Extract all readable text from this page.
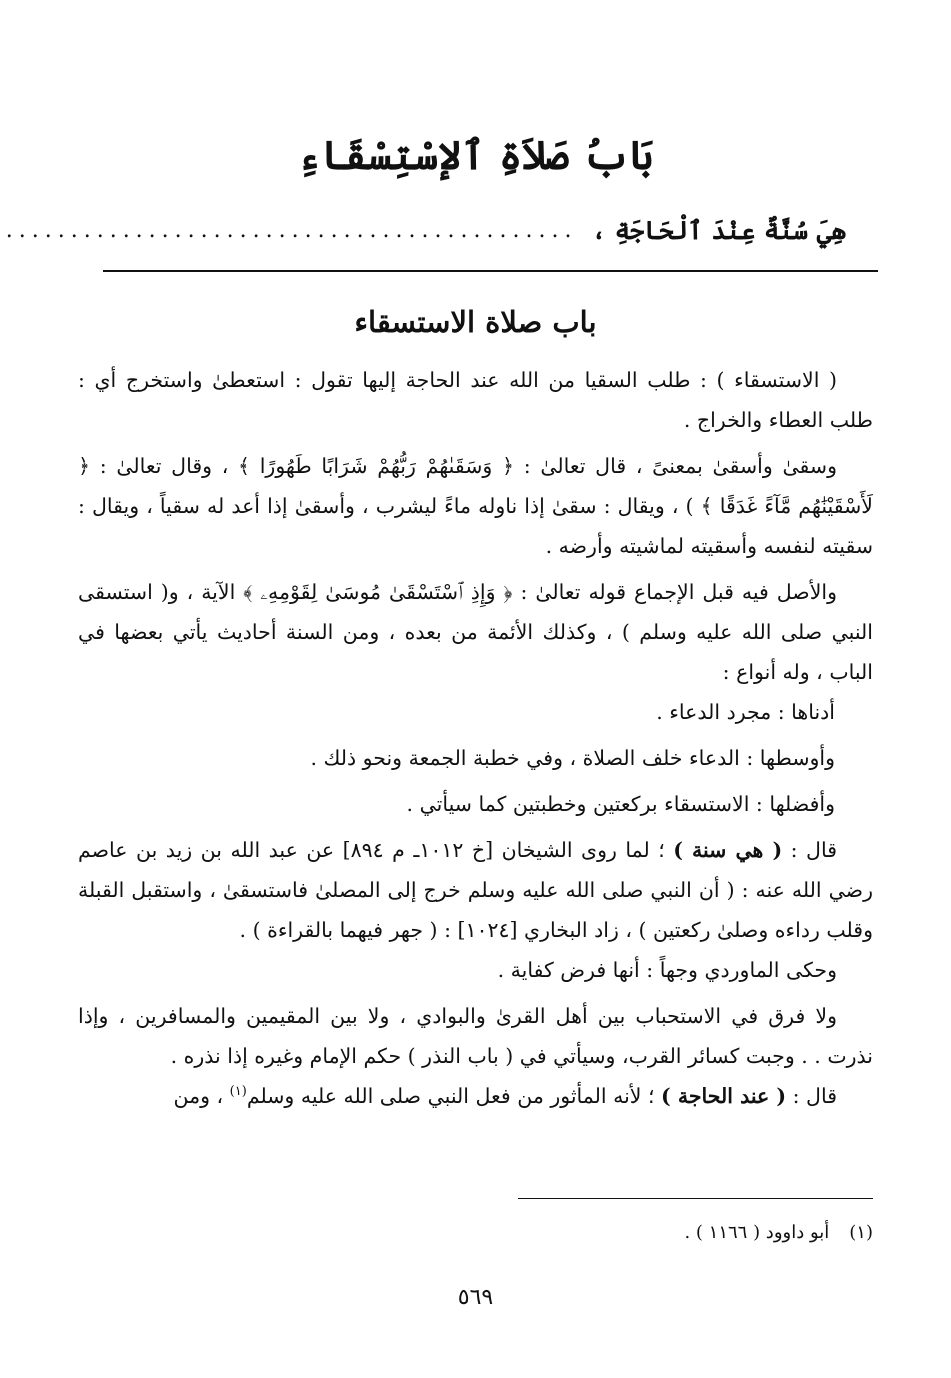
بَابُ صَلاَةِ ٱلإسْتِسْقَاءِ
هِيَ سُنَّةٌ عِنْدَ ٱلْحَاجَةِ ،
............................................
باب صلاة الاستسقاء

( الاستسقاء ) : طلب السقيا من الله عند الحاجة إليها تقول : استعطىٰ واستخرج أي : طلب العطاء والخراج .

وسقىٰ وأسقىٰ بمعنىً ، قال تعالىٰ : ﴿ وَسَقَىٰهُمْ رَبُّهُمْ شَرَابًا طَهُورًا ﴾ ، وقال تعالىٰ : ﴿ لَأَسْقَيْنَٰهُم مَّآءً غَدَقًا ﴾ ) ، ويقال : سقىٰ إذا ناوله ماءً ليشرب ، وأسقىٰ إذا أعد له سقياً ، ويقال : سقيته لنفسه وأسقيته لماشيته وأرضه .

والأصل فيه قبل الإجماع قوله تعالىٰ : ﴿ وَإِذِ ٱسْتَسْقَىٰ مُوسَىٰ لِقَوْمِهِۦ ﴾ الآية ، و( استسقى النبي صلى الله عليه وسلم ) ، وكذلك الأئمة من بعده ، ومن السنة أحاديث يأتي بعضها في الباب ، وله أنواع :

أدناها : مجرد الدعاء .

وأوسطها : الدعاء خلف الصلاة ، وفي خطبة الجمعة ونحو ذلك .

وأفضلها : الاستسقاء بركعتين وخطبتين كما سيأتي .

قال : ( هي سنة ) ؛ لما روى الشيخان [خ ١٠١٢ـ م ٨٩٤] عن عبد الله بن زيد بن عاصم رضي الله عنه : ( أن النبي صلى الله عليه وسلم خرج إلى المصلىٰ فاستسقىٰ ، واستقبل القبلة وقلب رداءه وصلىٰ ركعتين ) ، زاد البخاري [١٠٢٤] : ( جهر فيهما بالقراءة ) .

وحكى الماوردي وجهاً : أنها فرض كفاية .

ولا فرق في الاستحباب بين أهل القرىٰ والبوادي ، ولا بين المقيمين والمسافرين ، وإذا نذرت . . وجبت كسائر القرب، وسيأتي في ( باب النذر ) حكم الإمام وغيره إذا نذره .

قال : ( عند الحاجة ) ؛ لأنه المأثور من فعل النبي صلى الله عليه وسلم$^{(١)}$ ، ومن

(١)أبو داوود ( ١١٦٦ ) .

٥٦٩
